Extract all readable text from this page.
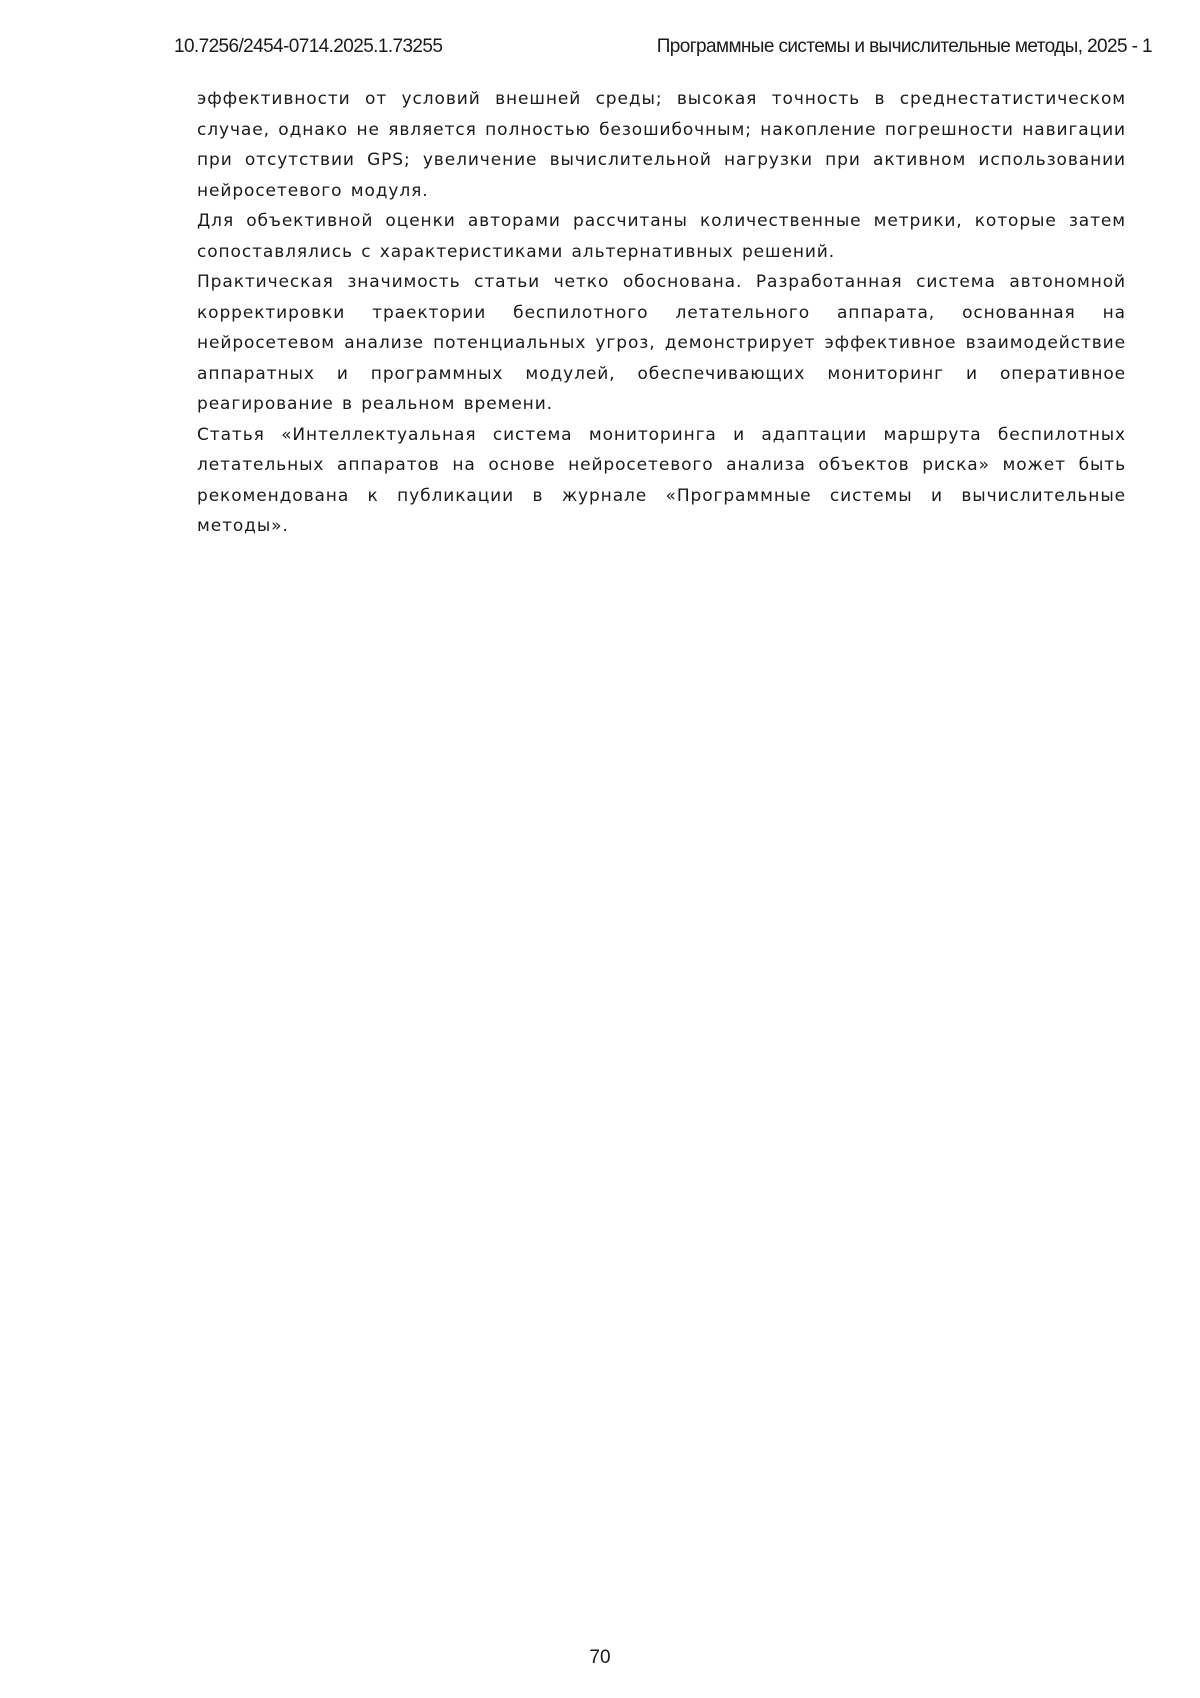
10.7256/2454-0714.2025.1.73255	Программные системы и вычислительные методы, 2025 - 1

эффективности от условий внешней среды; высокая точность в среднестатистическом случае, однако не является полностью безошибочным; накопление погрешности навигации при отсутствии GPS; увеличение вычислительной нагрузки при активном использовании нейросетевого модуля.

Для объективной оценки авторами рассчитаны количественные метрики, которые затем сопоставлялись с характеристиками альтернативных решений.

Практическая значимость статьи четко обоснована. Разработанная система автономной корректировки траектории беспилотного летательного аппарата, основанная на нейросетевом анализе потенциальных угроз, демонстрирует эффективное взаимодействие аппаратных и программных модулей, обеспечивающих мониторинг и оперативное реагирование в реальном времени.

Статья «Интеллектуальная система мониторинга и адаптации маршрута беспилотных летательных аппаратов на основе нейросетевого анализа объектов риска» может быть рекомендована к публикации в журнале «Программные системы и вычислительные методы».

70
